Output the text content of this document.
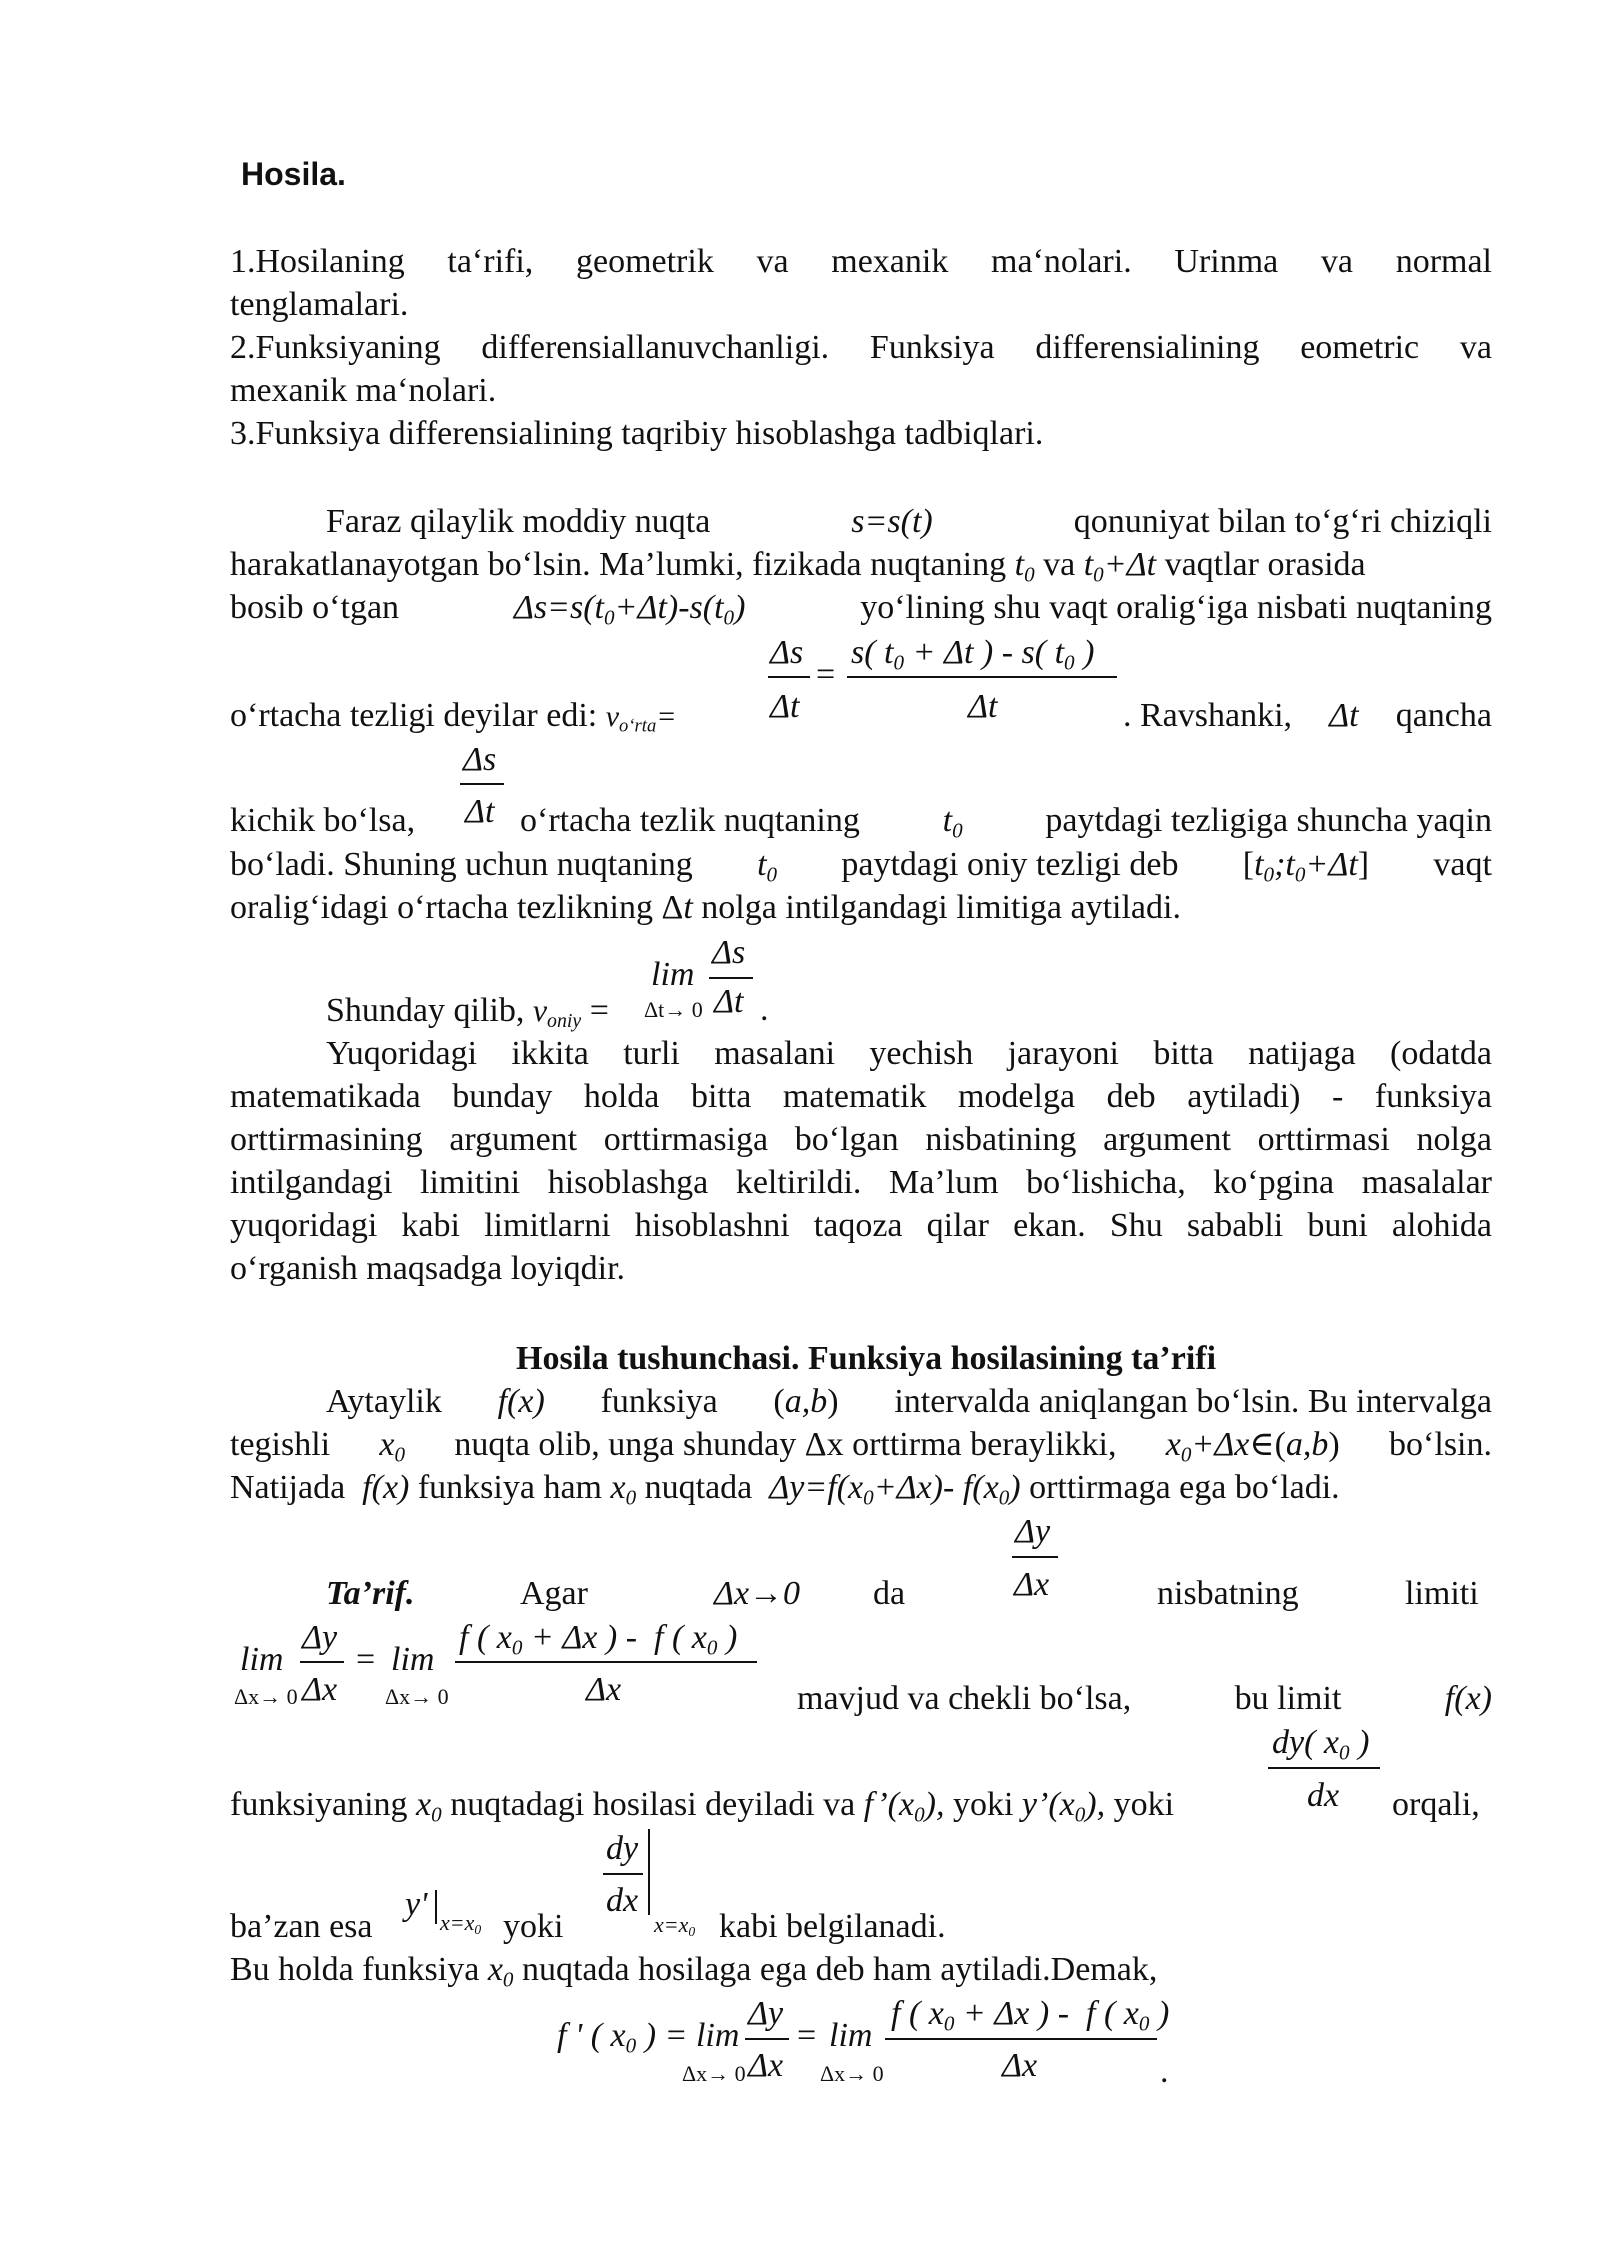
Hosila.
1.Hosilaning ta‘rifi, geometrik va mexanik ma‘nolari. Urinma va normal
tenglamalari.
2.Funksiyaning differensiallanuvchanligi. Funksiya differensialining eometric va
mexanik ma‘nolari.
3.Funksiya differensialining taqribiy hisoblashga tadbiqlari.
Faraz qilaylik moddiy nuqta	s=s(t)	qonuniyat bilan to‘g‘ri chiziqli
harakatlanayotgan bo‘lsin. Ma’lumki, fizikada nuqtaning $t_0$ va $t_0+\Delta t$ vaqtlar orasida
bosib o‘tgan	$\Delta s=s(t_0+\Delta t)-s(t_0)$	yo‘lining shu vaqt oralig‘iga nisbati nuqtaning
Δs
Δt
=
s( $t_0 + \Delta t$ ) - s( $t_0$ )
Δt
o‘rtacha tezligi deyilar edi: $v_{o‘rta}=$	. Ravshanki, Δt qancha
Δs
Δt
kichik bo‘lsa,	o‘rtacha tezlik nuqtaning $t_0$ paytdagi tezligiga shuncha yaqin
bo‘ladi. Shuning uchun nuqtaning $t_0$ paytdagi oniy tezligi deb $[t_0;t_0+\Delta t]$ vaqt
oralig‘idagi o‘rtacha tezlikning Δt nolga intilgandagi limitiga aytiladi.
Δs
lim
Shunday qilib, $v_{oniy} = \Delta t\to 0$ Δt .
Yuqoridagi ikkita turli masalani yechish jarayoni bitta natijaga (odatda
matematikada bunday holda bitta matematik modelga deb aytiladi) - funksiya
orttirmasining argument orttirmasiga bo‘lgan nisbatining argument orttirmasi nolga
intilgandagi limitini hisoblashga keltirildi. Ma’lum bo‘lishicha, ko‘pgina masalalar
yuqoridagi kabi limitlarni hisoblashni taqoza qilar ekan. Shu sababli buni alohida
o‘rganish maqsadga loyiqdir.
Hosila tushunchasi. Funksiya hosilasining ta’rifi
Aytaylik f(x) funksiya (a,b) intervalda aniqlangan bo‘lsin. Bu intervalga
tegishli $x_0$ nuqta olib, unga shunday Δx orttirma beraylikki, $x_0+\Delta x\in(a,b)$ bo‘lsin.
Natijada  f(x) funksiya ham $x_0$ nuqtada  $\Delta y=f(x_0+\Delta x)-$ $f(x_0)$ orttirmaga ega bo‘ladi.
Δy
Δx
Ta’rif.	Agar	Δx→0 da	nisbatning	limiti
lim
Δx→ 0
Δy
Δx
= lim
Δx→ 0
f ( $x_0 + \Delta x$ ) -  f ( $x_0$ )
Δx	mavjud va chekli bo‘lsa,	bu limit	f(x)
dy( $x_0$ )
dx
funksiyaning $x_0$ nuqtadagi hosilasi deyiladi va $f’(x_0)$, yoki $y’(x_0)$, yoki	orqali,
dy
dx
$x=x_0$
ba’zan esa
y' $x=x_0$ yoki	kabi belgilanadi.
Bu holda funksiya $x_0$ nuqtada hosilaga ega deb ham aytiladi.Demak,
f ' ( $x_0$ ) = lim
Δx→ 0
Δy
Δx
= lim
Δx→ 0
f ( $x_0 + \Delta x$ ) -  f ( $x_0$ )
Δx	.
